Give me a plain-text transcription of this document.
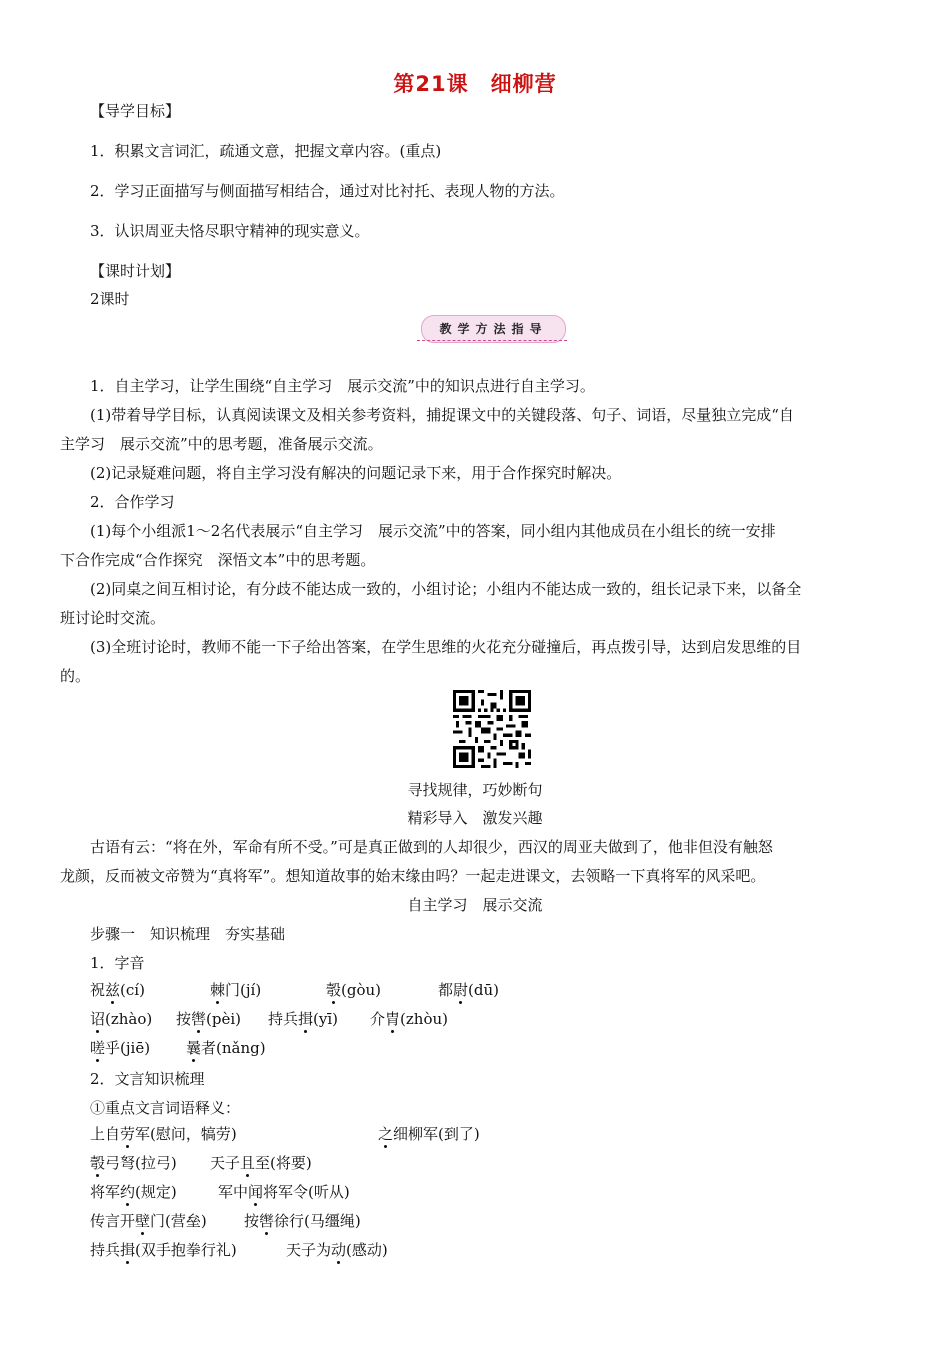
第21课　细柳营
【导学目标】
1．积累文言词汇，疏通文意，把握文章内容。(重点)
2．学习正面描写与侧面描写相结合，通过对比衬托、表现人物的方法。
3．认识周亚夫恪尽职守精神的现实意义。
【课时计划】
2课时
教学方法指导
1．自主学习，让学生围绕“自主学习　展示交流”中的知识点进行自主学习。
(1)带着导学目标，认真阅读课文及相关参考资料，捕捉课文中的关键段落、句子、词语，尽量独立完成“自
主学习　展示交流”中的思考题，准备展示交流。
(2)记录疑难问题，将自主学习没有解决的问题记录下来，用于合作探究时解决。
2．合作学习
(1)每个小组派1～2名代表展示“自主学习　展示交流”中的答案，同小组内其他成员在小组长的统一安排
下合作完成“合作探究　深悟文本”中的思考题。
(2)同桌之间互相讨论，有分歧不能达成一致的，小组讨论；小组内不能达成一致的，组长记录下来，以备全
班讨论时交流。
(3)全班讨论时，教师不能一下子给出答案，在学生思维的火花充分碰撞后，再点拨引导，达到启发思维的目
的。
寻找规律，巧妙断句
精彩导入　激发兴趣
古语有云：“将在外，军命有所不受。”可是真正做到的人却很少，西汉的周亚夫做到了，他非但没有触怒
龙颜，反而被文帝赞为“真将军”。想知道故事的始末缘由吗？一起走进课文，去领略一下真将军的风采吧。
自主学习　展示交流
步骤一　知识梳理　夯实基础
1．字音
祝兹(cí)	棘门(jí)	彀(gòu)	都尉(dū)
诏(zhào) 按辔(pèi) 持兵揖(yī) 介胄(zhòu)
嗟乎(jiē) 曩者(nǎng)
2．文言知识梳理
①重点文言词语释义：
上自劳军(慰问，犒劳)	之细柳军(到了)
彀弓弩(拉弓) 天子且至(将要)
将军约(规定)	军中闻将军令(听从)
传言开壁门(营垒) 按辔徐行(马缰绳)
持兵揖(双手抱拳行礼)	天子为动(感动)
